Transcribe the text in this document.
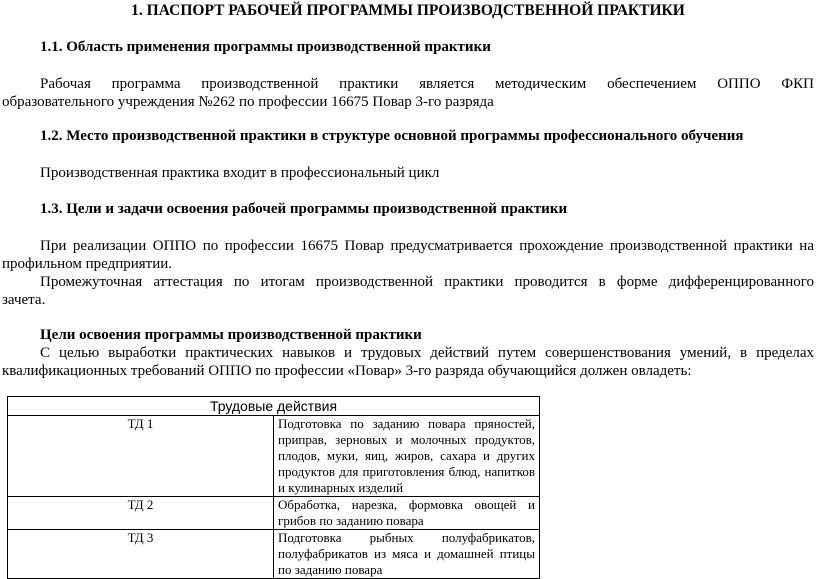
1. ПАСПОРТ РАБОЧЕЙ ПРОГРАММЫ ПРОИЗВОДСТВЕННОЙ ПРАКТИКИ
1.1. Область применения программы производственной практики
Рабочая программа производственной практики является методическим обеспечением ОППО ФКП
образовательного учреждения №262 по профессии 16675 Повар 3-го разряда
1.2. Место производственной практики в структуре основной программы профессионального обучения
Производственная практика входит в профессиональный цикл
1.3. Цели и задачи освоения рабочей программы производственной практики
При реализации ОППО по профессии 16675 Повар предусматривается прохождение производственной практики на
профильном предприятии.
Промежуточная аттестация по итогам производственной практики проводится в форме дифференцированного
зачета.
Цели освоения программы производственной практики
С целью выработки практических навыков и трудовых действий путем совершенствования умений, в пределах
квалификационных требований ОППО по профессии «Повар» 3-го разряда обучающийся должен овладеть:
Трудовые действия	
ТД 1	Подготовка по заданию повара пряностей, приправ, зерновых и молочных продуктов, плодов, муки, яиц, жиров, сахара и других продуктов для приготовления блюд, напитков и кулинарных изделий
ТД 2	Обработка, нарезка, формовка овощей и грибов по заданию повара
ТД 3	Подготовка рыбных полуфабрикатов, полуфабрикатов из мяса и домашней птицы по заданию повара
